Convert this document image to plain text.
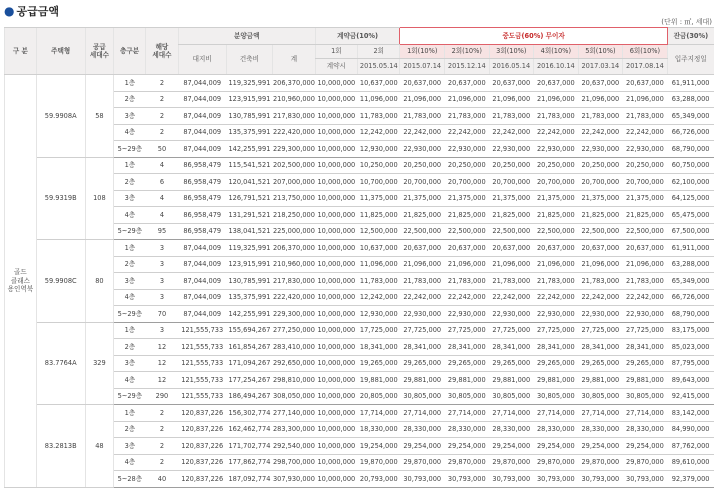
● 공급금액
(단위 : ㎡, 세대)
구 분	주택형	공급
세대수	층구분	해당
세대수	분양금액			계약금(10%)		중도금(60%) 무이자						잔금(30%)
					대지비	건축비	계	1회	2회	1회(10%)	2회(10%)	3회(10%)	4회(10%)	5회(10%)	6회(10%)	입주지정일
								계약시	2015.05.14	2015.07.14	2015.12.14	2016.05.14	2016.10.14	2017.03.14	2017.08.14	
골드
클래스
용인역북	59.9908A	58	1층	2	87,044,009	119,325,991	206,370,000	10,000,000	10,637,000	20,637,000	20,637,000	20,637,000	20,637,000	20,637,000	20,637,000	61,911,000
			2층	2	87,044,009	123,915,991	210,960,000	10,000,000	11,096,000	21,096,000	21,096,000	21,096,000	21,096,000	21,096,000	21,096,000	63,288,000
			3층	2	87,044,009	130,785,991	217,830,000	10,000,000	11,783,000	21,783,000	21,783,000	21,783,000	21,783,000	21,783,000	21,783,000	65,349,000
			4층	2	87,044,009	135,375,991	222,420,000	10,000,000	12,242,000	22,242,000	22,242,000	22,242,000	22,242,000	22,242,000	22,242,000	66,726,000
			5~29층	50	87,044,009	142,255,991	229,300,000	10,000,000	12,930,000	22,930,000	22,930,000	22,930,000	22,930,000	22,930,000	22,930,000	68,790,000
	59.9319B	108	1층	4	86,958,479	115,541,521	202,500,000	10,000,000	10,250,000	20,250,000	20,250,000	20,250,000	20,250,000	20,250,000	20,250,000	60,750,000
			2층	6	86,958,479	120,041,521	207,000,000	10,000,000	10,700,000	20,700,000	20,700,000	20,700,000	20,700,000	20,700,000	20,700,000	62,100,000
			3층	4	86,958,479	126,791,521	213,750,000	10,000,000	11,375,000	21,375,000	21,375,000	21,375,000	21,375,000	21,375,000	21,375,000	64,125,000
			4층	4	86,958,479	131,291,521	218,250,000	10,000,000	11,825,000	21,825,000	21,825,000	21,825,000	21,825,000	21,825,000	21,825,000	65,475,000
			5~29층	95	86,958,479	138,041,521	225,000,000	10,000,000	12,500,000	22,500,000	22,500,000	22,500,000	22,500,000	22,500,000	22,500,000	67,500,000
	59.9908C	80	1층	3	87,044,009	119,325,991	206,370,000	10,000,000	10,637,000	20,637,000	20,637,000	20,637,000	20,637,000	20,637,000	20,637,000	61,911,000
			2층	3	87,044,009	123,915,991	210,960,000	10,000,000	11,096,000	21,096,000	21,096,000	21,096,000	21,096,000	21,096,000	21,096,000	63,288,000
			3층	3	87,044,009	130,785,991	217,830,000	10,000,000	11,783,000	21,783,000	21,783,000	21,783,000	21,783,000	21,783,000	21,783,000	65,349,000
			4층	3	87,044,009	135,375,991	222,420,000	10,000,000	12,242,000	22,242,000	22,242,000	22,242,000	22,242,000	22,242,000	22,242,000	66,726,000
			5~29층	70	87,044,009	142,255,991	229,300,000	10,000,000	12,930,000	22,930,000	22,930,000	22,930,000	22,930,000	22,930,000	22,930,000	68,790,000
	83.7764A	329	1층	3	121,555,733	155,694,267	277,250,000	10,000,000	17,725,000	27,725,000	27,725,000	27,725,000	27,725,000	27,725,000	27,725,000	83,175,000
			2층	12	121,555,733	161,854,267	283,410,000	10,000,000	18,341,000	28,341,000	28,341,000	28,341,000	28,341,000	28,341,000	28,341,000	85,023,000
			3층	12	121,555,733	171,094,267	292,650,000	10,000,000	19,265,000	29,265,000	29,265,000	29,265,000	29,265,000	29,265,000	29,265,000	87,795,000
			4층	12	121,555,733	177,254,267	298,810,000	10,000,000	19,881,000	29,881,000	29,881,000	29,881,000	29,881,000	29,881,000	29,881,000	89,643,000
			5~29층	290	121,555,733	186,494,267	308,050,000	10,000,000	20,805,000	30,805,000	30,805,000	30,805,000	30,805,000	30,805,000	30,805,000	92,415,000
	83.2813B	48	1층	2	120,837,226	156,302,774	277,140,000	10,000,000	17,714,000	27,714,000	27,714,000	27,714,000	27,714,000	27,714,000	27,714,000	83,142,000
			2층	2	120,837,226	162,462,774	283,300,000	10,000,000	18,330,000	28,330,000	28,330,000	28,330,000	28,330,000	28,330,000	28,330,000	84,990,000
			3층	2	120,837,226	171,702,774	292,540,000	10,000,000	19,254,000	29,254,000	29,254,000	29,254,000	29,254,000	29,254,000	29,254,000	87,762,000
			4층	2	120,837,226	177,862,774	298,700,000	10,000,000	19,870,000	29,870,000	29,870,000	29,870,000	29,870,000	29,870,000	29,870,000	89,610,000
			5~28층	40	120,837,226	187,092,774	307,930,000	10,000,000	20,793,000	30,793,000	30,793,000	30,793,000	30,793,000	30,793,000	30,793,000	92,379,000
